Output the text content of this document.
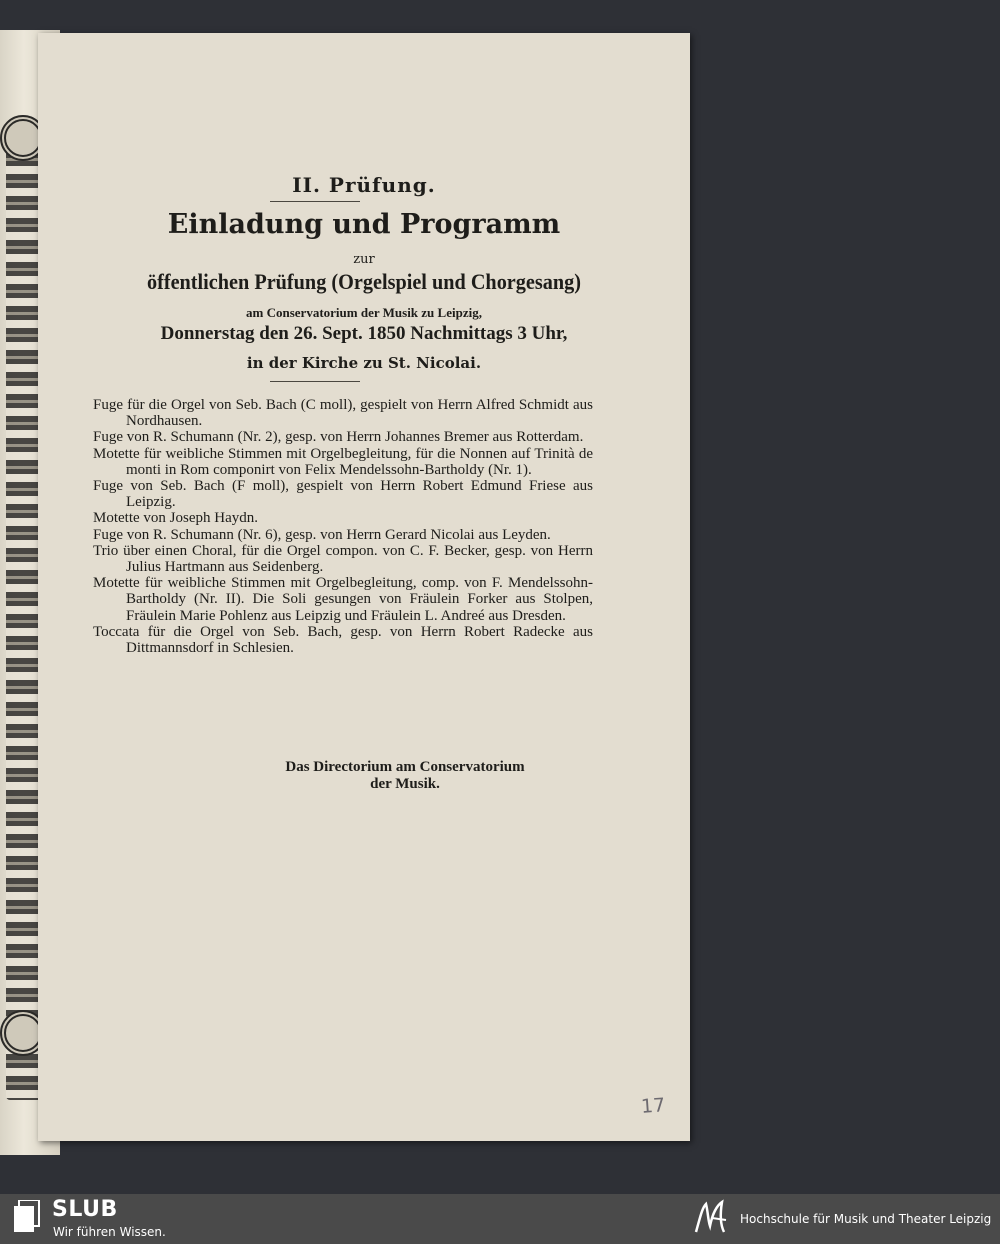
II. Prüfung.
Einladung und Programm
zur
öffentlichen Prüfung (Orgelspiel und Chorgesang)
am Conservatorium der Musik zu Leipzig,
Donnerstag den 26. Sept. 1850 Nachmittags 3 Uhr,
in der Kirche zu St. Nicolai.
Fuge für die Orgel von Seb. Bach (C moll), gespielt von Herrn Alfred Schmidt aus Nordhausen.
Fuge von R. Schumann (Nr. 2), gesp. von Herrn Johannes Bremer aus Rotterdam.
Motette für weibliche Stimmen mit Orgelbegleitung, für die Nonnen auf Trinità de monti in Rom componirt von Felix Mendelssohn-Bartholdy (Nr. 1).
Fuge von Seb. Bach (F moll), gespielt von Herrn Robert Edmund Friese aus Leipzig.
Motette von Joseph Haydn.
Fuge von R. Schumann (Nr. 6), gesp. von Herrn Gerard Nicolai aus Leyden.
Trio über einen Choral, für die Orgel compon. von C. F. Becker, gesp. von Herrn Julius Hartmann aus Seidenberg.
Motette für weibliche Stimmen mit Orgelbegleitung, comp. von F. Mendelssohn-Bartholdy (Nr. II). Die Soli gesungen von Fräulein Forker aus Stolpen, Fräulein Marie Pohlenz aus Leipzig und Fräulein L. Andreé aus Dresden.
Toccata für die Orgel von Seb. Bach, gesp. von Herrn Robert Radecke aus Dittmannsdorf in Schlesien.
Das Directorium am Conservatorium
der Musik.
17
SLUB
Wir führen Wissen.
Hochschule für Musik und Theater Leipzig
